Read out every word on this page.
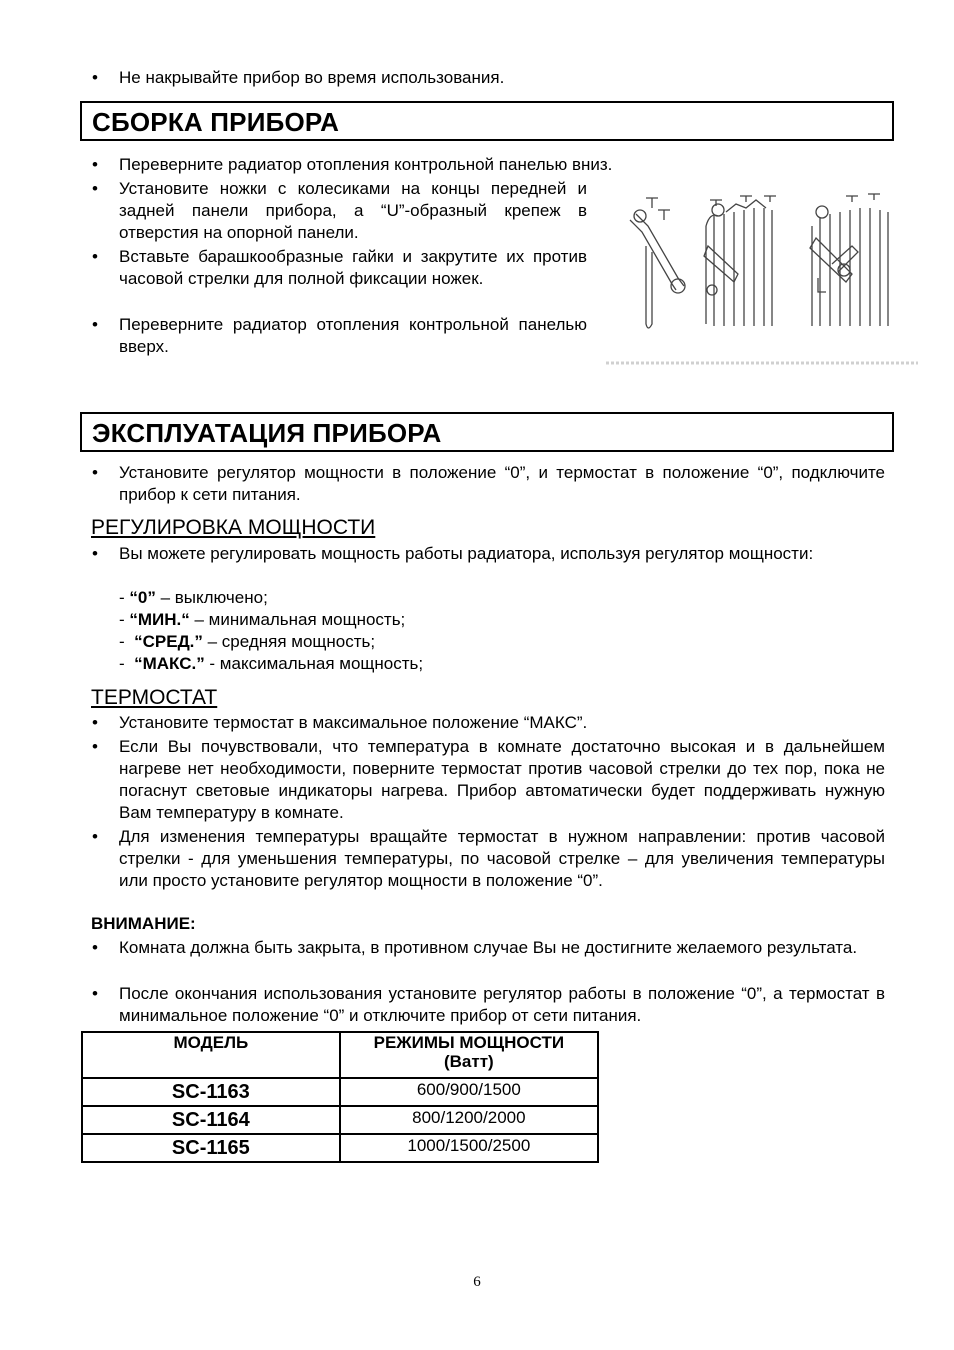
• Не накрывайте прибор во время использования.
СБОРКА ПРИБОРА
• Переверните радиатор отопления контрольной панелью вниз.
• Установите ножки с колесиками на концы передней и задней панели прибора, а “U”-образный крепеж в отверстия на опорной панели.
• Вставьте барашкообразные гайки и закрутите их против часовой стрелки для полной фиксации ножек.
• Переверните радиатор отопления контрольной панелью вверх.
ЭКСПЛУАТАЦИЯ ПРИБОРА
• Установите регулятор мощности в положение “0”, и термостат в положение “0”, подключите прибор к сети питания.
РЕГУЛИРОВКА МОЩНОСТИ
• Вы можете регулировать мощность работы радиатора, используя регулятор мощности:
- “0” – выключено;
- “МИН.“ – минимальная мощность;
-  “СРЕД.” – средняя мощность;
-  “МАКС.” - максимальная мощность;
ТЕРМОСТАТ
• Установите термостат в максимальное положение “МАКС”.
• Если Вы почувствовали, что температура в комнате достаточно высокая и в дальнейшем нагреве нет необходимости, поверните термостат против часовой стрелки до тех пор, пока не погаснут световые индикаторы нагрева. Прибор автоматически будет поддерживать нужную Вам температуру в комнате.
• Для изменения температуры вращайте термостат в нужном направлении: против часовой стрелки - для уменьшения температуры, по часовой стрелке – для увеличения температуры или просто установите регулятор мощности в положение “0”.
ВНИМАНИЕ:
• Комната должна быть закрыта, в противном случае Вы не достигните желаемого результата.
• После окончания использования установите регулятор работы в положение “0”, а термостат в минимальное положение “0” и отключите прибор от сети питания.
МОДЕЛЬ	РЕЖИМЫ МОЩНОСТИ
(Ватт)

SC-1163	600/900/1500
SC-1164	800/1200/2000
SC-1165	1000/1500/2500
6
